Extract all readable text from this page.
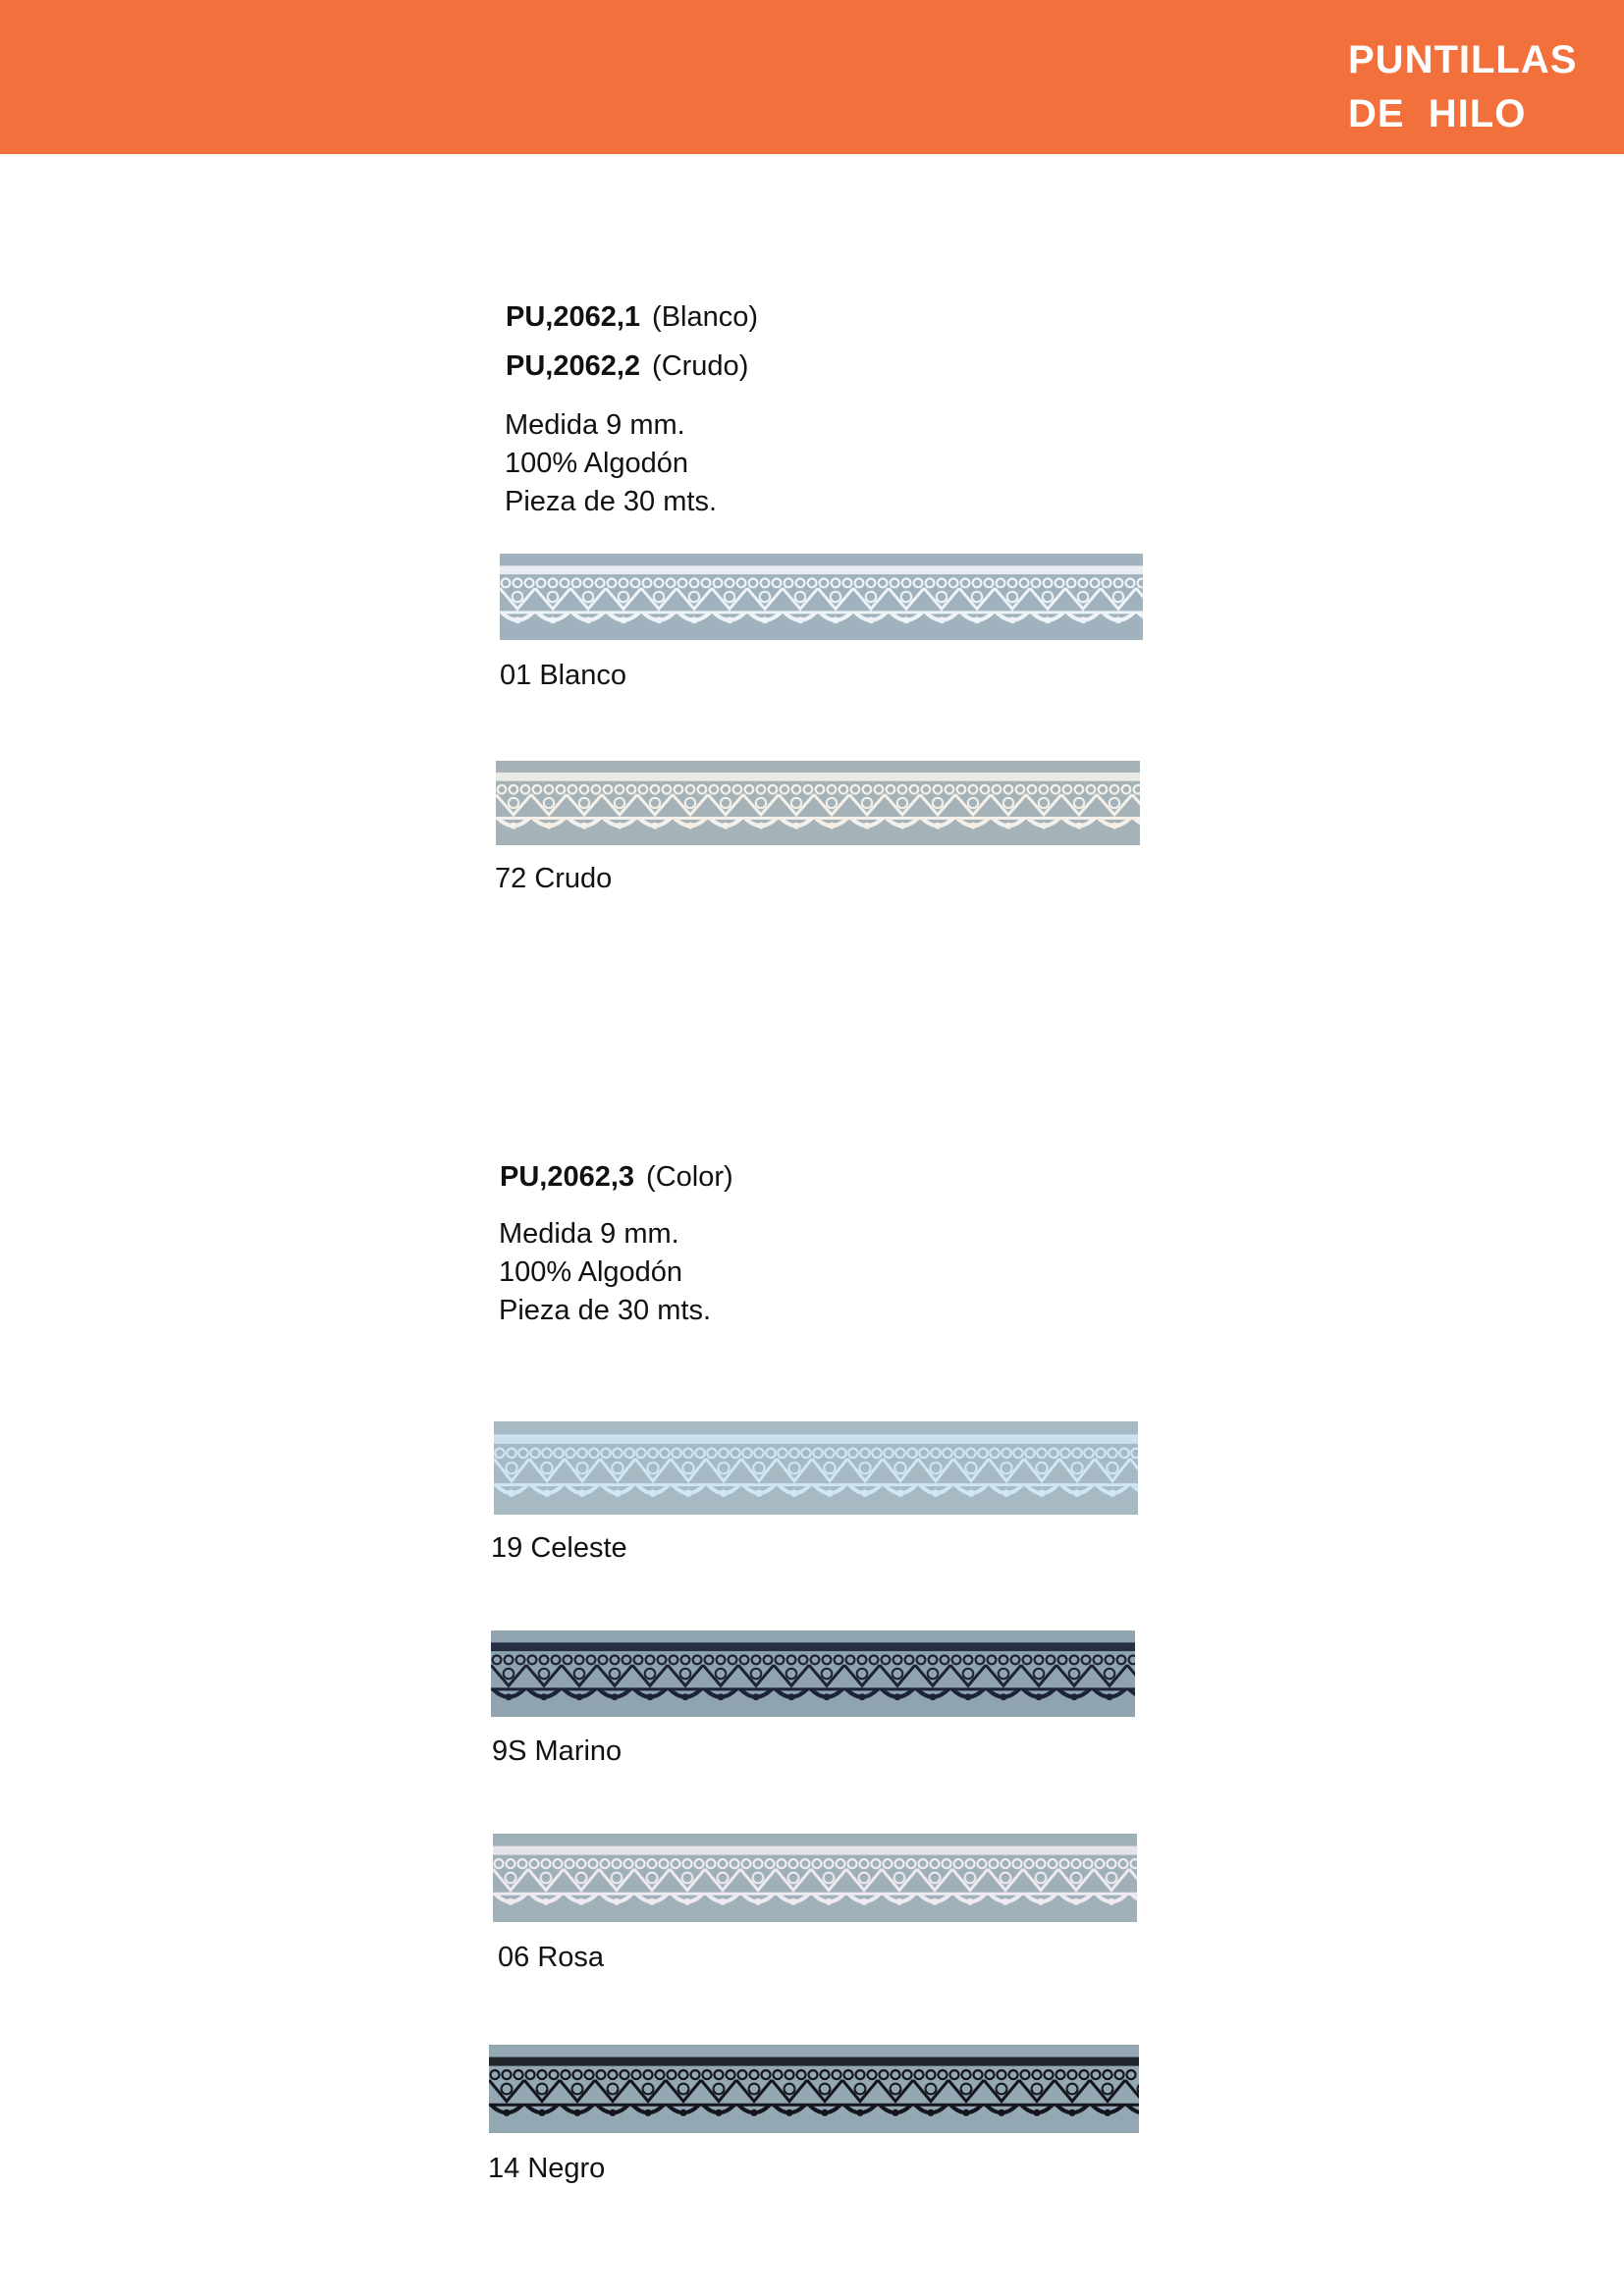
PUNTILLAS
DE  HILO
PU,2062,1 (Blanco)
PU,2062,2 (Crudo)
Medida 9 mm.
100% Algodón
Pieza de 30 mts.
01 Blanco
72 Crudo
PU,2062,3 (Color)
Medida 9 mm.
100% Algodón
Pieza de 30 mts.
19 Celeste
9S Marino
06 Rosa
14 Negro
